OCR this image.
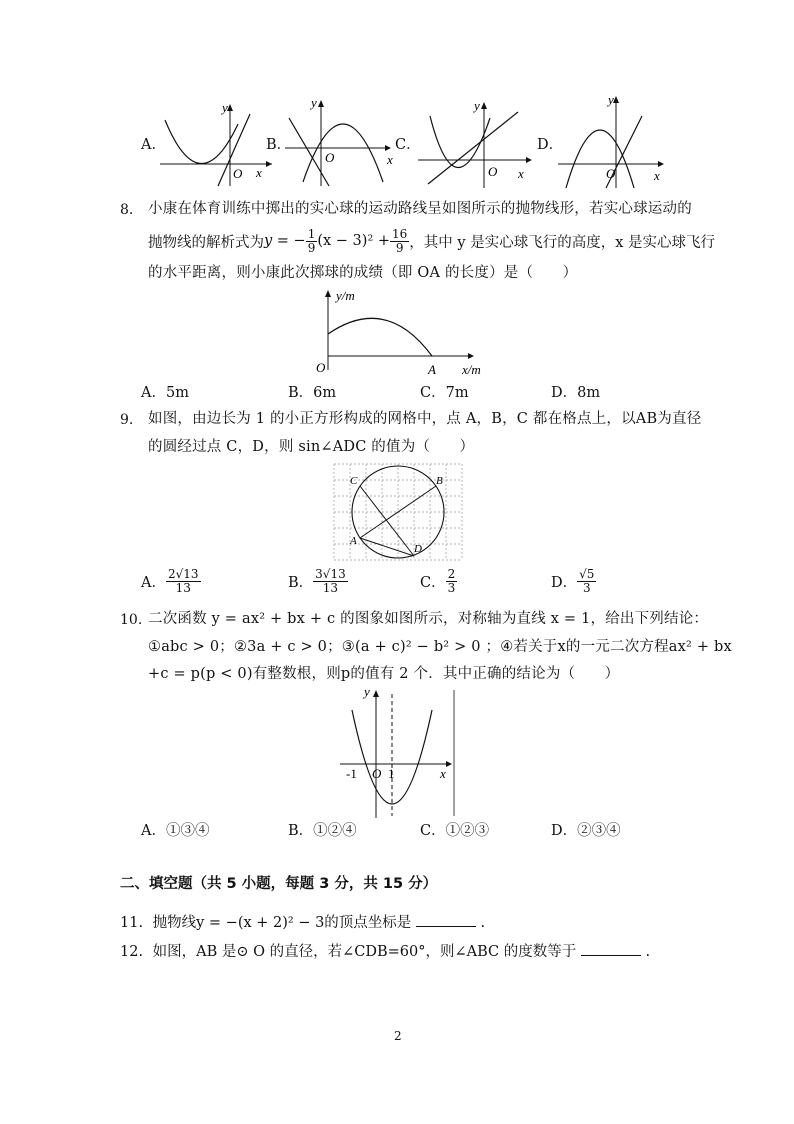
A．
y
x
O
B．
y
x
O
C．
y
x
O
D．
y
x
O
8. 小康在体育训练中掷出的实心球的运动路线呈如图所示的抛物线形，若实心球运动的
抛物线的解析式为 y = − $\frac{1}{9} (x - 3)^2 + \frac{16}{9}$ ，其中 y 是实心球飞行的高度，x 是实心球飞行
的水平距离，则小康此次掷球的成绩（即 OA 的长度）是（　　）
y/m
x/m
O	A
A．5m	B．6m	C．7m	D．8m
9. 如图，由边长为 1 的小正方形构成的网格中，点 A，B，C 都在格点上，以AB为直径
的圆经过点 C，D，则 sin∠ADC 的值为（　　）
C	B
A
D
A． $\frac{2√13}{13}$	B． $\frac{3√13}{13}$	C． $\frac{2}{3}$	D． $\frac{√5}{3}$
10. 二次函数 y = ax² + bx + c 的图象如图所示，对称轴为直线 x = 1，给出下列结论：
①abc > 0；②3a + c > 0；③(a + c)² − b² > 0 ；④若关于x的一元二次方程ax² + bx
+c = p(p < 0)有整数根，则p的值有 2 个．其中正确的结论为（　　）
y
x
O
-1 1
A．①③④	B．①②④	C．①②③	D．②③④
二、填空题（共 5 小题，每题 3 分，共 15 分）
11. 抛物线y = −(x + 2)² − 3的顶点坐标是	.
12. 如图，AB 是⊙ O 的直径，若∠CDB=60°，则∠ABC 的度数等于	.
2
